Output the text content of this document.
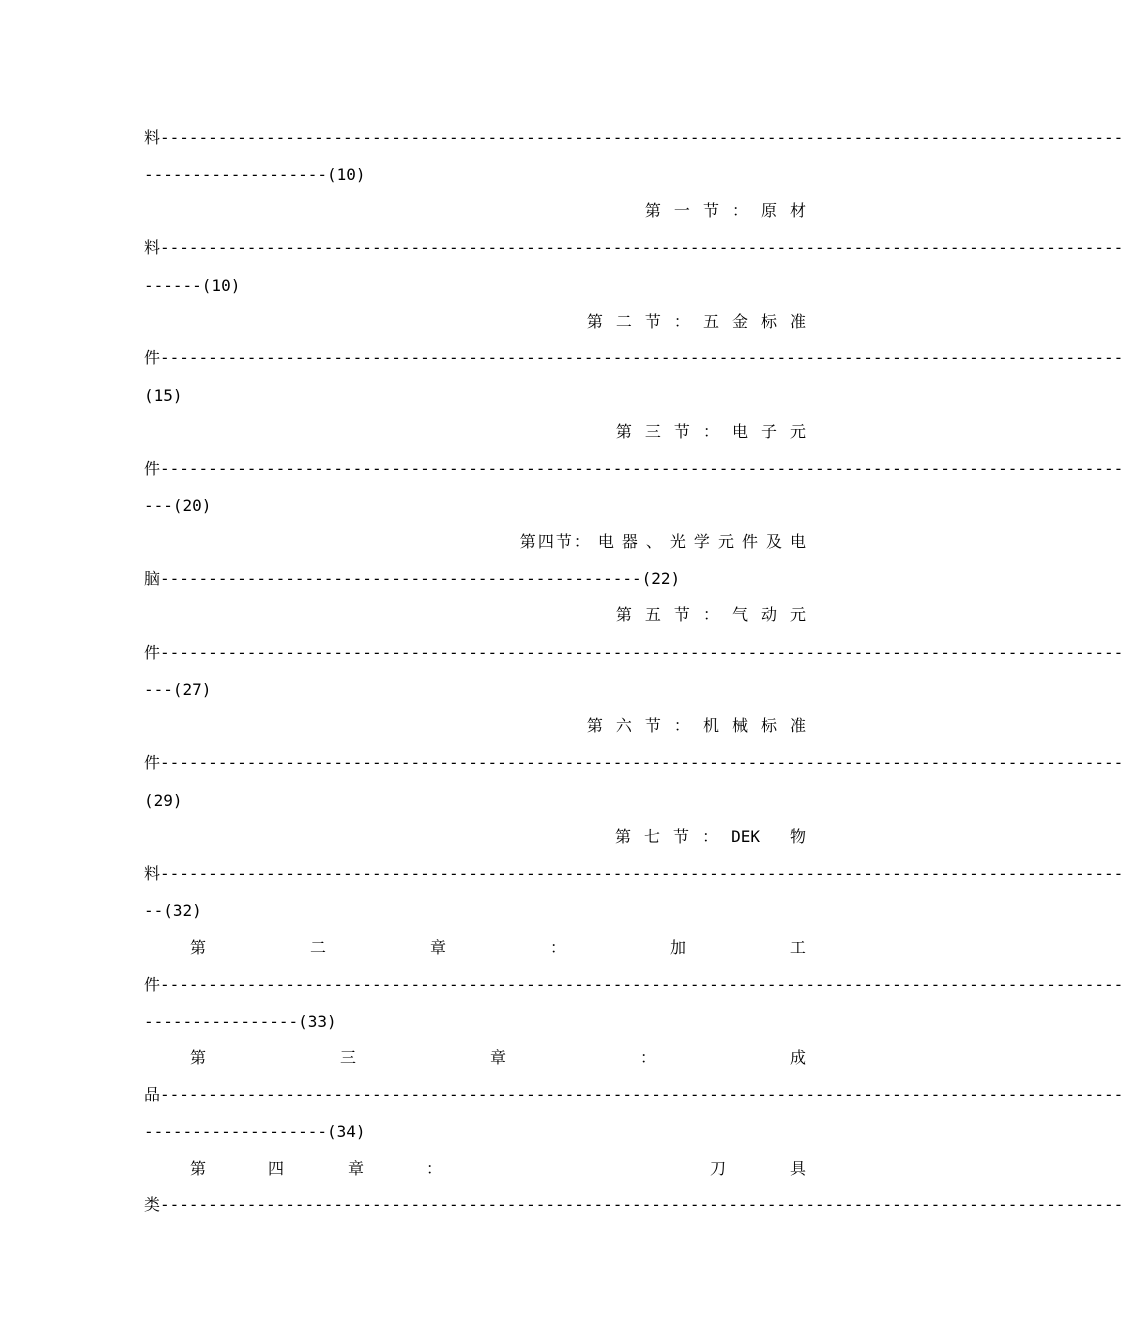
料 ----------------------------------------------------------------------------------------------------
------------------- (10)
第 一 节 ： 原 材
料 ----------------------------------------------------------------------------------------------------
------ (10)
第 二 节 ： 五 金 标 准
件 ----------------------------------------------------------------------------------------------------
(15)
第 三 节 ： 电 子 元
件 ----------------------------------------------------------------------------------------------------
--- (20)
第 四 节 ： 电 器 、 光 学 元 件 及 电
脑--------------------------------------------------(22)
第 五 节 ： 气 动 元
件 ----------------------------------------------------------------------------------------------------
--- (27)
第 六 节 ： 机 械 标 准
件 ----------------------------------------------------------------------------------------------------
(29)
第 七 节 ： DEK 物
料 ----------------------------------------------------------------------------------------------------
-- (32)
第	二	章	：	加	工
件 ----------------------------------------------------------------------------------------------------
---------------- (33)
第	三	章	：	成
品 ----------------------------------------------------------------------------------------------------
------------------- (34)
第	四	章	：	刀	具
类 ----------------------------------------------------------------------------------------------------
